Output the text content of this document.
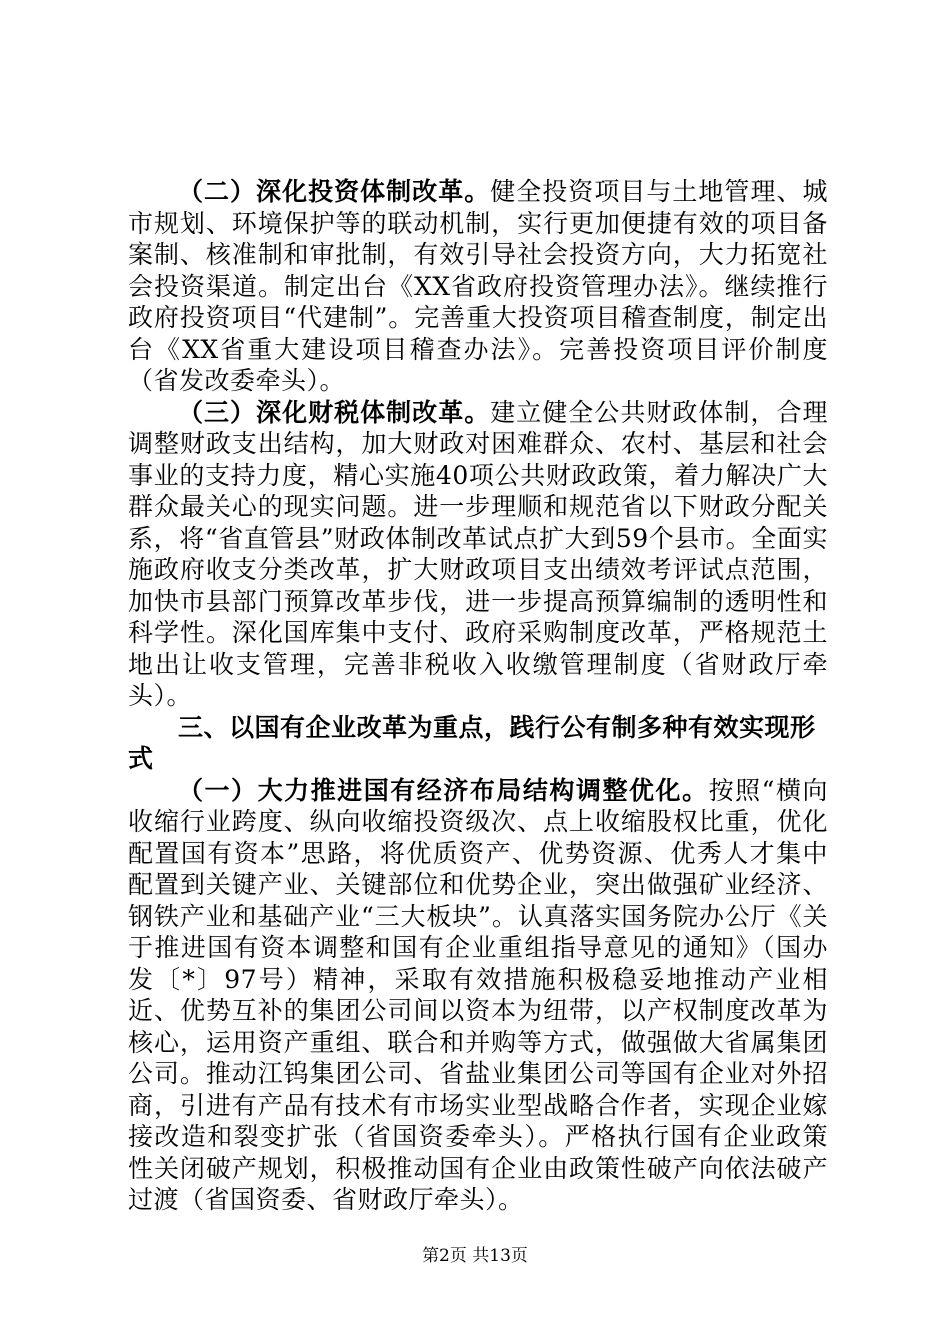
（二）深化投资体制改革。健全投资项目与土地管理、城市规划、环境保护等的联动机制，实行更加便捷有效的项目备案制、核准制和审批制，有效引导社会投资方向，大力拓宽社会投资渠道。制定出台《XX省政府投资管理办法》。继续推行政府投资项目“代建制”。完善重大投资项目稽查制度，制定出台《XX省重大建设项目稽查办法》。完善投资项目评价制度（省发改委牵头）。

（三）深化财税体制改革。建立健全公共财政体制，合理调整财政支出结构，加大财政对困难群众、农村、基层和社会事业的支持力度，精心实施40项公共财政政策，着力解决广大群众最关心的现实问题。进一步理顺和规范省以下财政分配关系，将“省直管县”财政体制改革试点扩大到59个县市。全面实施政府收支分类改革，扩大财政项目支出绩效考评试点范围，加快市县部门预算改革步伐，进一步提高预算编制的透明性和科学性。深化国库集中支付、政府采购制度改革，严格规范土地出让收支管理，完善非税收入收缴管理制度（省财政厅牵头）。

三、以国有企业改革为重点，践行公有制多种有效实现形式

（一）大力推进国有经济布局结构调整优化。按照“横向收缩行业跨度、纵向收缩投资级次、点上收缩股权比重，优化配置国有资本”思路，将优质资产、优势资源、优秀人才集中配置到关键产业、关键部位和优势企业，突出做强矿业经济、钢铁产业和基础产业“三大板块”。认真落实国务院办公厅《关于推进国有资本调整和国有企业重组指导意见的通知》（国办发〔*〕97号）精神，采取有效措施积极稳妥地推动产业相近、优势互补的集团公司间以资本为纽带，以产权制度改革为核心，运用资产重组、联合和并购等方式，做强做大省属集团公司。推动江钨集团公司、省盐业集团公司等国有企业对外招商，引进有产品有技术有市场实业型战略合作者，实现企业嫁接改造和裂变扩张（省国资委牵头）。严格执行国有企业政策性关闭破产规划，积极推动国有企业由政策性破产向依法破产过渡（省国资委、省财政厅牵头）。

第2页 共13页
